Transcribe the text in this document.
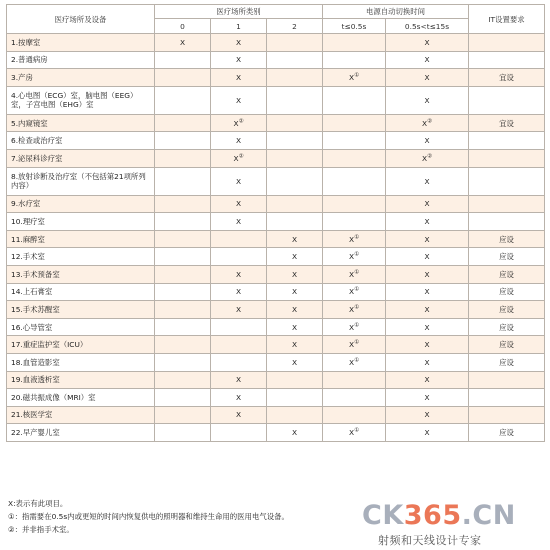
医疗场所及设备	医疗场所类别			电源自动切换时间		IT设置要求
	0	1	2	t≤0.5s	0.5s<t≤15s	
1.按摩室	X	X			X	
2.普通病房		X			X	
3.产房		X		X①	X	宜设
4.心电图（ECG）室，脑电图（EEG）室，子宫电图（EHG）室		X			X	
5.内窥镜室		X②			X②	宜设
6.检查或治疗室		X			X	
7.泌尿科诊疗室		X②			X②	
8.放射诊断及治疗室（不包括第21项所列内容）		X			X	
9.水疗室		X			X	
10.理疗室		X			X	
11.麻醉室			X	X①	X	应设
12.手术室			X	X①	X	应设
13.手术预备室		X	X	X①	X	应设
14.上石膏室		X	X	X①	X	应设
15.手术苏醒室		X	X	X①	X	应设
16.心导管室			X	X①	X	应设
17.重症监护室（ICU）			X	X①	X	应设
18.血管造影室			X	X①	X	应设
19.血液透析室		X			X	
20.磁共振成像（MRI）室		X			X	
21.核医学室		X			X	
22.早产婴儿室			X	X①	X	应设
X:表示有此项目。
①：指需要在0.5s内或更短的时间内恢复供电的照明器和维持生命用的医用电气设备。
②：并非指手术室。	CK365.CN
射频和天线设计专家
